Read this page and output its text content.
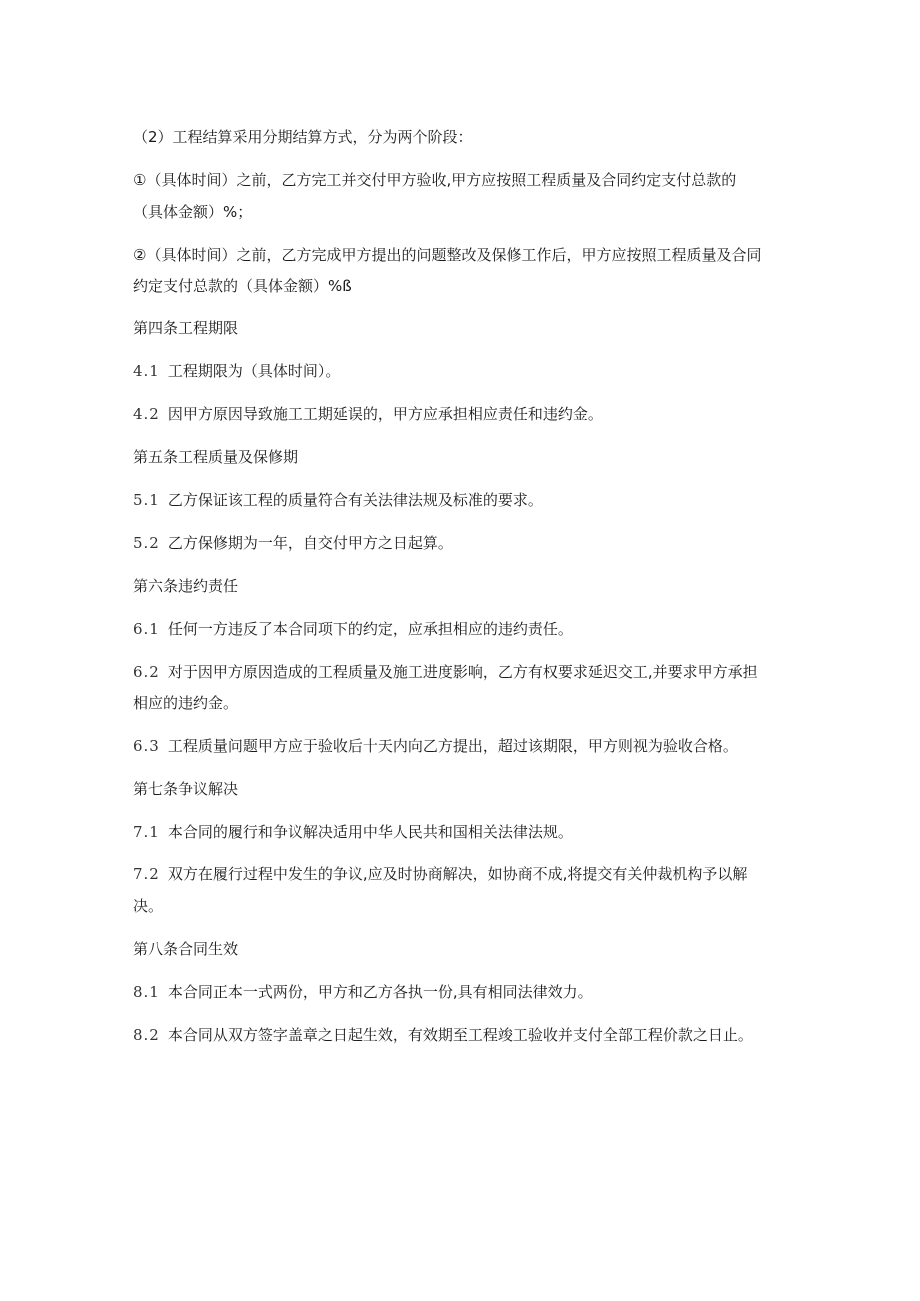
（2）工程结算采用分期结算方式，分为两个阶段：
①（具体时间）之前，乙方完工并交付甲方验收,甲方应按照工程质量及合同约定支付总款的
（具体金额）%；
②（具体时间）之前，乙方完成甲方提出的问题整改及保修工作后，甲方应按照工程质量及合同
约定支付总款的（具体金额）%ß
第四条工程期限
4.1 工程期限为（具体时间）。
4.2 因甲方原因导致施工工期延误的，甲方应承担相应责任和违约金。
第五条工程质量及保修期
5.1 乙方保证该工程的质量符合有关法律法规及标准的要求。
5.2 乙方保修期为一年，自交付甲方之日起算。
第六条违约责任
6.1 任何一方违反了本合同项下的约定，应承担相应的违约责任。
6.2 对于因甲方原因造成的工程质量及施工进度影响，乙方有权要求延迟交工,并要求甲方承担
相应的违约金。
6.3 工程质量问题甲方应于验收后十天内向乙方提出，超过该期限，甲方则视为验收合格。
第七条争议解决
7.1 本合同的履行和争议解决适用中华人民共和国相关法律法规。
7.2 双方在履行过程中发生的争议,应及时协商解决，如协商不成,将提交有关仲裁机构予以解
决。
第八条合同生效
8.1 本合同正本一式两份，甲方和乙方各执一份,具有相同法律效力。
8.2 本合同从双方签字盖章之日起生效，有效期至工程竣工验收并支付全部工程价款之日止。
